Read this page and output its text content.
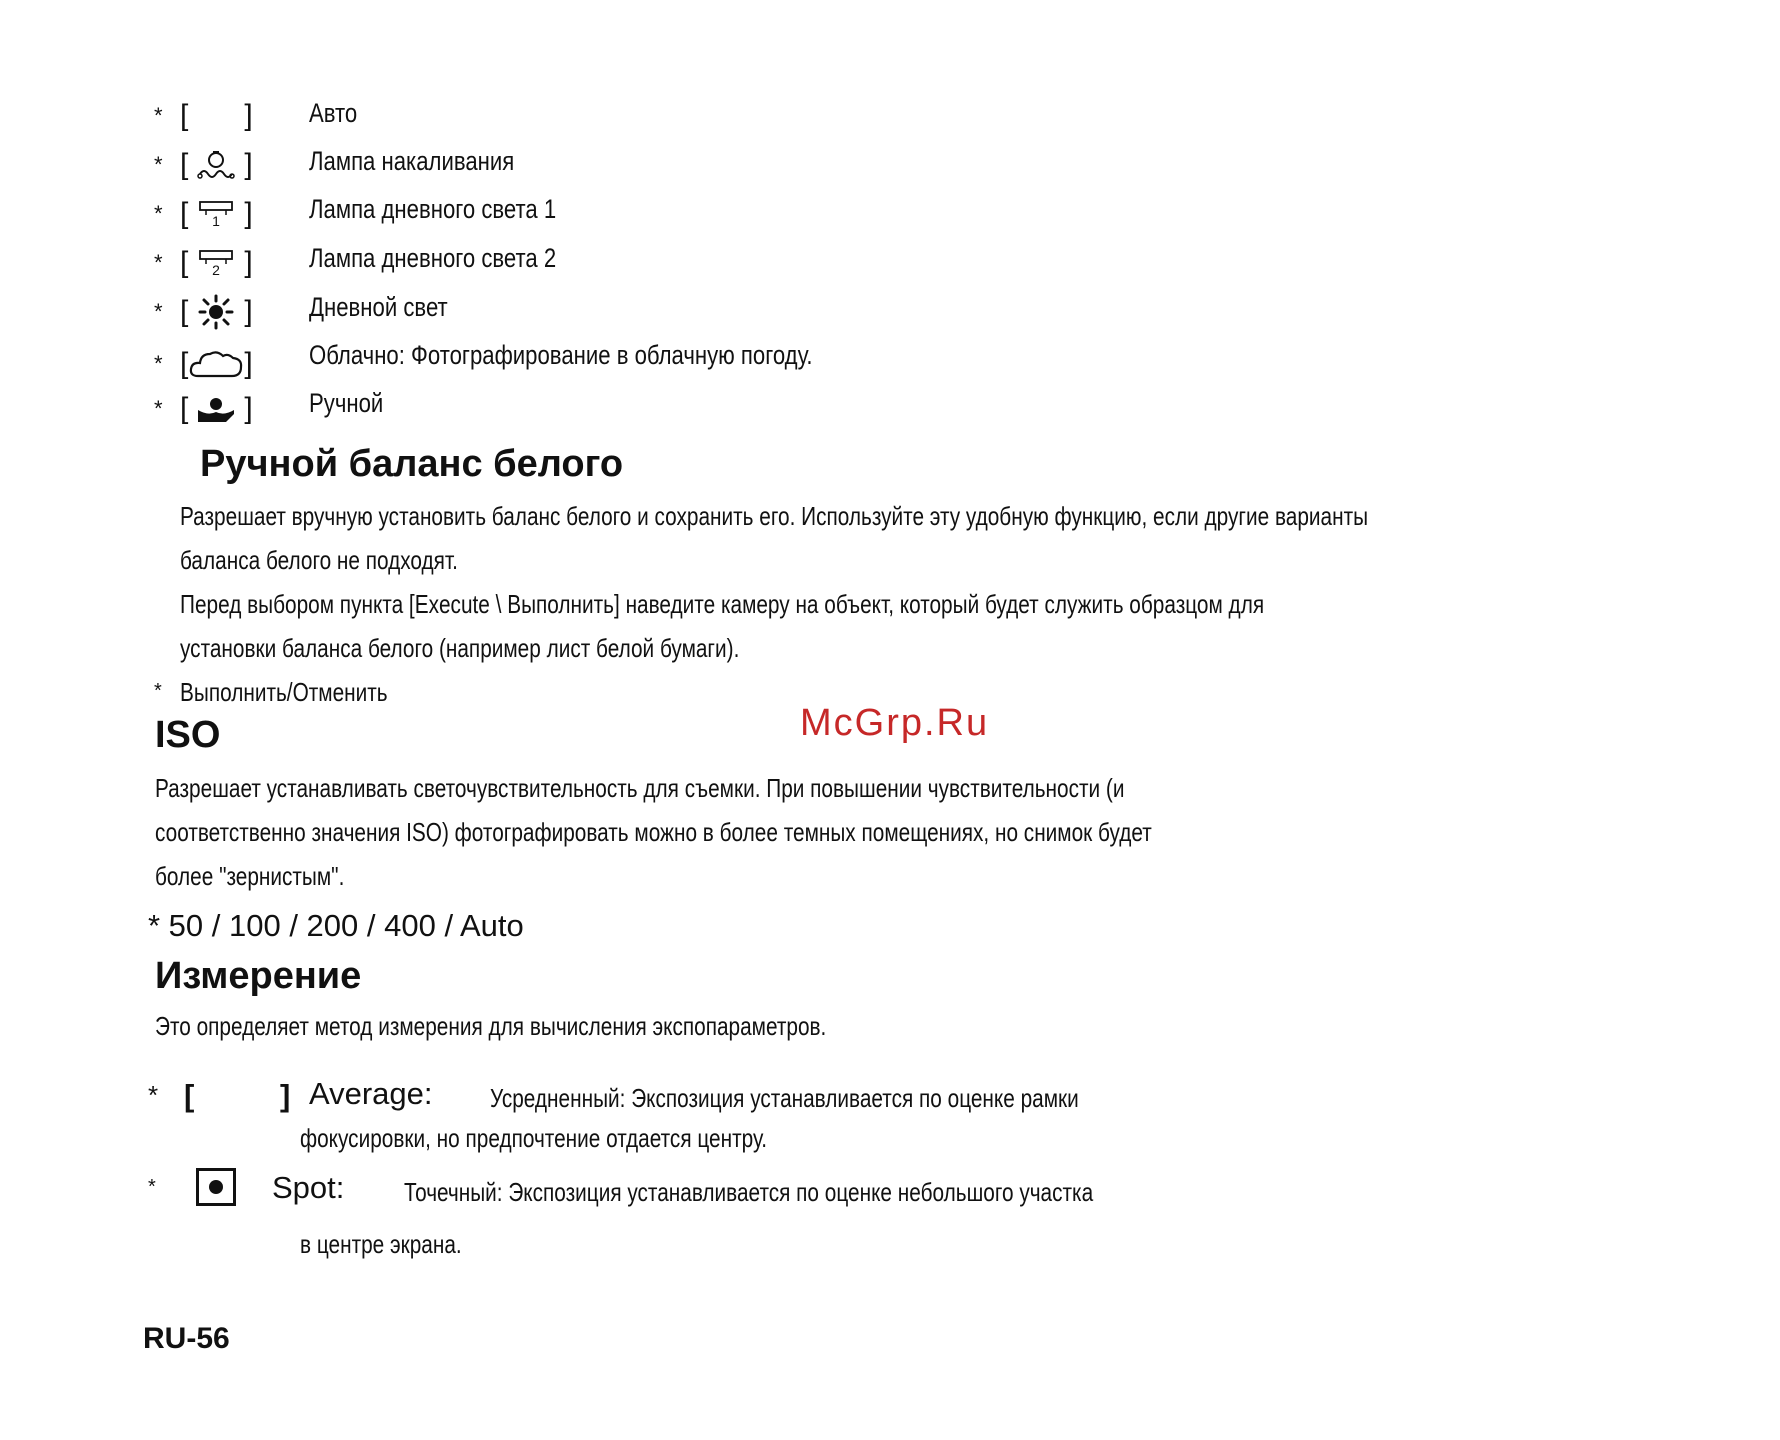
* [ ] Авто
* [ ] Лампа накаливания
* [ 1 ] Лампа дневного света 1
* [ 2 ] Лампа дневного света 2
* [ ] Дневной свет
* [ ] Облачно: Фотографирование в облачную погоду.
* [ ] Ручной
Ручной баланс белого
Разрешает вручную установить баланс белого и сохранить его. Используйте эту удобную функцию, если другие варианты
баланса белого не подходят.
Перед выбором пункта [Execute \ Выполнить] наведите камеру на объект, который будет служить образцом для
установки баланса белого (например лист белой бумаги).
* Выполнить/Отменить
McGrp.Ru
ISO
Разрешает устанавливать светочувствительность для съемки. При повышении чувствительности (и
соответственно значения ISO) фотографировать можно в более темных помещениях, но снимок будет
более "зернистым".
* 50 / 100 / 200 / 400 / Auto
Измерение
Это определяет метод измерения для вычисления экспопараметров.
* [	] Average: Усредненный: Экспозиция устанавливается по оценке рамки
фокусировки, но предпочтение отдается центру.
*	Spot: Точечный: Экспозиция устанавливается по оценке небольшого участка
в центре экрана.
RU-56
